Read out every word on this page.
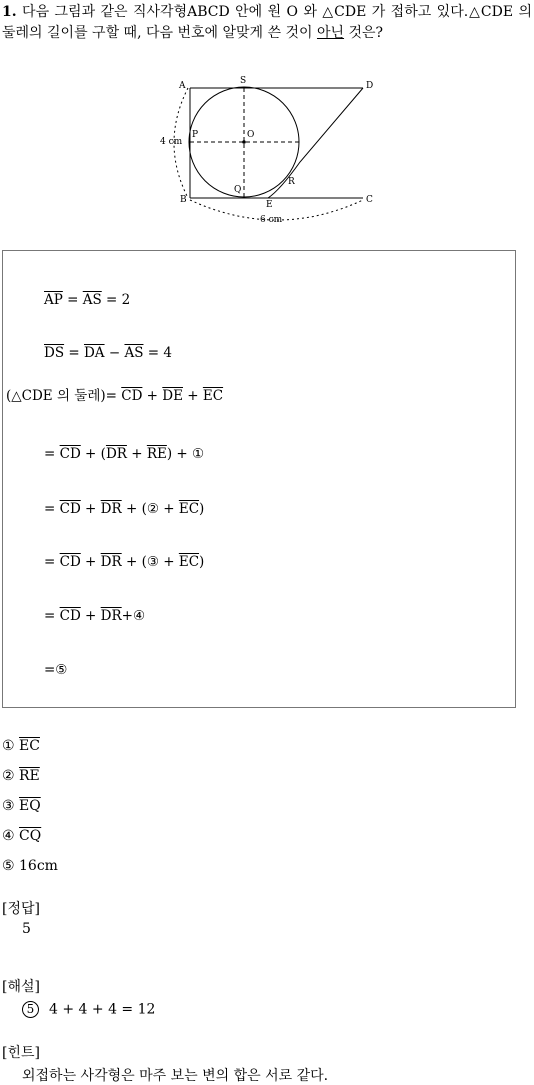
1. 다음 그림과 같은 직사각형ABCD 안에 원 O 와 △CDE 가 접하고 있다.△CDE 의 둘레의 길이를 구할 때, 다음 번호에 알맞게 쓴 것이 아닌 것은?
A	S	D
P	O
4 cm
Q
R
B	E	C
6 cm
$\overline{AP} = \overline{AS} = 2$
$\overline{DS} = \overline{DA} - \overline{AS} = 4$
(△CDE 의 둘레)= $\overline{CD} + \overline{DE} + \overline{EC}$
= $\overline{CD} + (\overline{DR} + \overline{RE})$ + ①
= $\overline{CD} + \overline{DR}$ + (② + $\overline{EC}$)
= $\overline{CD} + \overline{DR}$ + (③ + $\overline{EC}$)
= $\overline{CD}$ + $\overline{DR}+④$
=⑤
① $\overline{EC}$
② $\overline{RE}$
③ $\overline{EQ}$
④ $\overline{CQ}$
⑤ 16cm
[정답]
5
[해설]
5 4 + 4 + 4 = 12
[힌트]
외접하는 사각형은 마주 보는 변의 합은 서로 같다.
